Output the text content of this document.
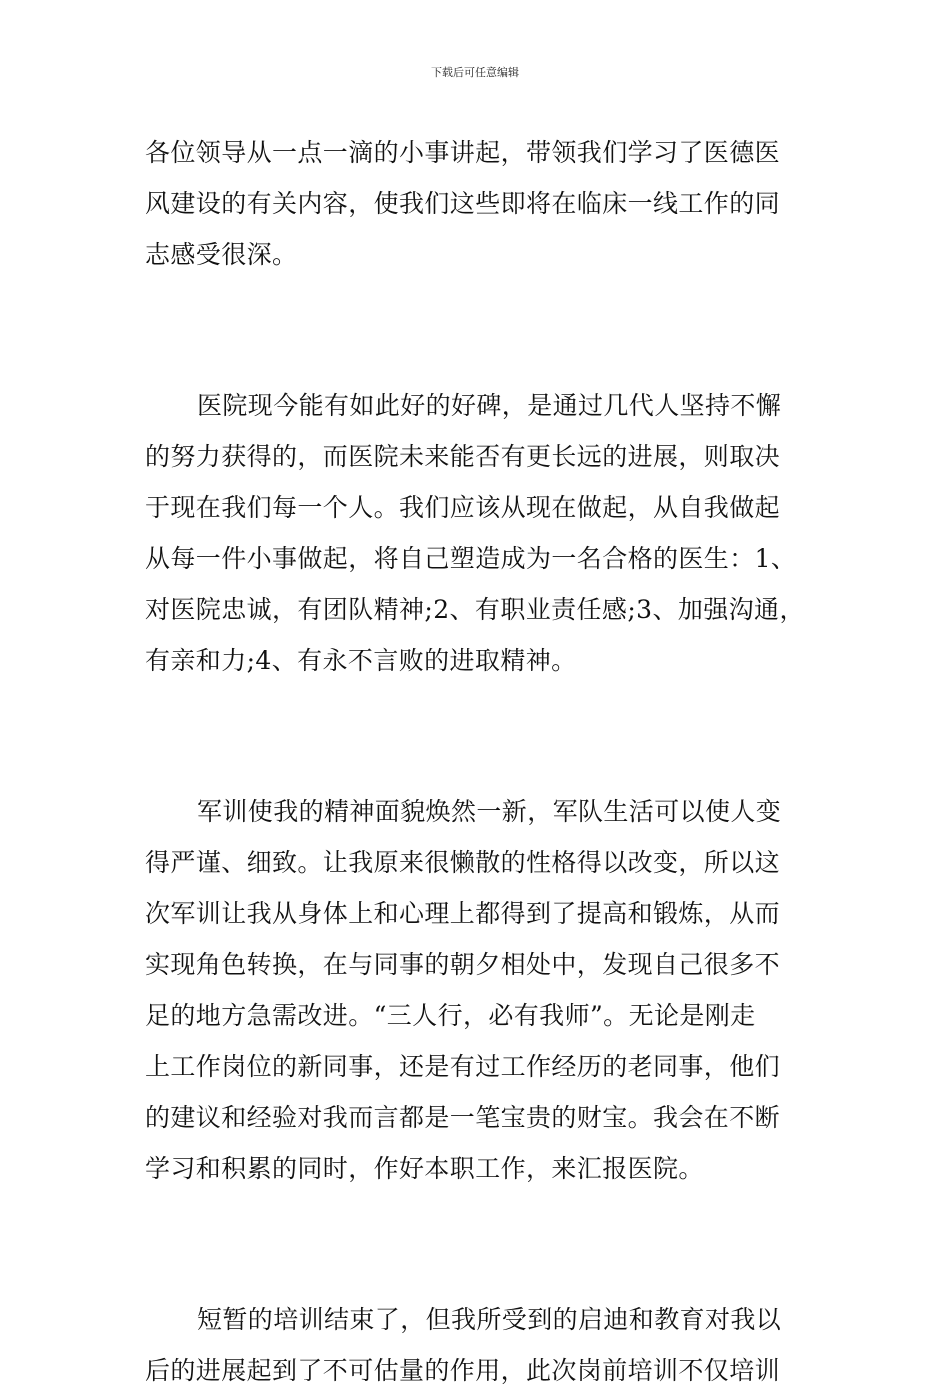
下载后可任意编辑
各位领导从一点一滴的小事讲起，带领我们学习了医德医
风建设的有关内容，使我们这些即将在临床一线工作的同
志感受很深。
医院现今能有如此好的好碑，是通过几代人坚持不懈
的努力获得的，而医院未来能否有更长远的进展，则取决
于现在我们每一个人。我们应该从现在做起，从自我做起
从每一件小事做起，将自己塑造成为一名合格的医生：1、
对医院忠诚，有团队精神;2、有职业责任感;3、加强沟通，
有亲和力;4、有永不言败的进取精神。
军训使我的精神面貌焕然一新，军队生活可以使人变
得严谨、细致。让我原来很懒散的性格得以改变，所以这
次军训让我从身体上和心理上都得到了提高和锻炼，从而
实现角色转换，在与同事的朝夕相处中，发现自己很多不
足的地方急需改进。“三人行，必有我师”。无论是刚走
上工作岗位的新同事，还是有过工作经历的老同事，他们
的建议和经验对我而言都是一笔宝贵的财宝。我会在不断
学习和积累的同时，作好本职工作，来汇报医院。
短暂的培训结束了，但我所受到的启迪和教育对我以
后的进展起到了不可估量的作用，此次岗前培训不仅培训
